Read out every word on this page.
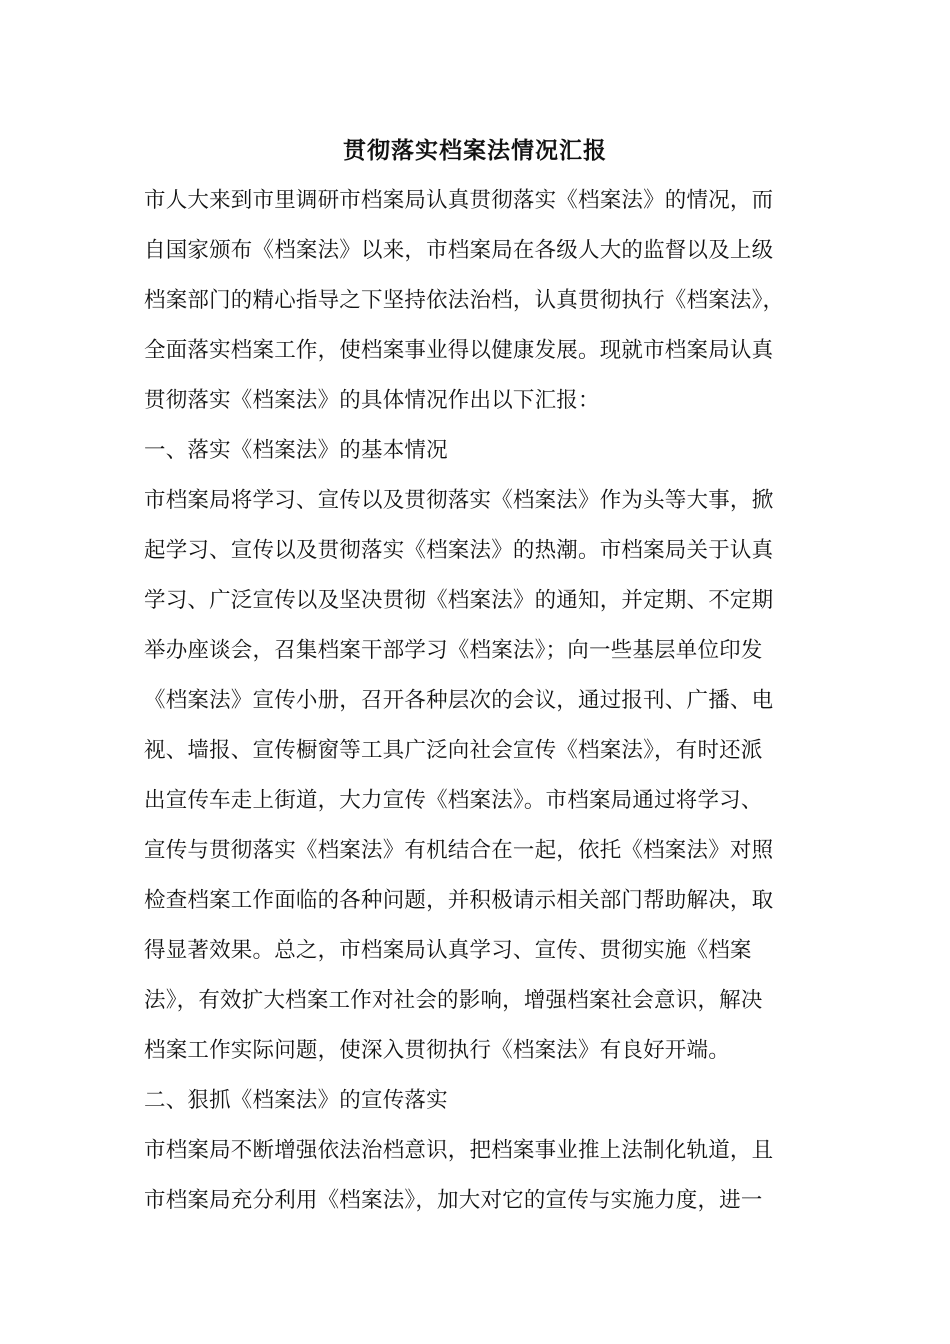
贯彻落实档案法情况汇报
市人大来到市里调研市档案局认真贯彻落实《档案法》的情况，而
自国家颁布《档案法》以来，市档案局在各级人大的监督以及上级
档案部门的精心指导之下坚持依法治档，认真贯彻执行《档案法》，
全面落实档案工作，使档案事业得以健康发展。现就市档案局认真
贯彻落实《档案法》的具体情况作出以下汇报：
一、落实《档案法》的基本情况
市档案局将学习、宣传以及贯彻落实《档案法》作为头等大事，掀
起学习、宣传以及贯彻落实《档案法》的热潮。市档案局关于认真
学习、广泛宣传以及坚决贯彻《档案法》的通知，并定期、不定期
举办座谈会，召集档案干部学习《档案法》；向一些基层单位印发
《档案法》宣传小册，召开各种层次的会议，通过报刊、广播、电
视、墙报、宣传橱窗等工具广泛向社会宣传《档案法》，有时还派
出宣传车走上街道，大力宣传《档案法》。市档案局通过将学习、
宣传与贯彻落实《档案法》有机结合在一起，依托《档案法》对照
检查档案工作面临的各种问题，并积极请示相关部门帮助解决，取
得显著效果。总之，市档案局认真学习、宣传、贯彻实施《档案
法》，有效扩大档案工作对社会的影响，增强档案社会意识，解决
档案工作实际问题，使深入贯彻执行《档案法》有良好开端。
二、狠抓《档案法》的宣传落实
市档案局不断增强依法治档意识，把档案事业推上法制化轨道，且
市档案局充分利用《档案法》，加大对它的宣传与实施力度，进一
